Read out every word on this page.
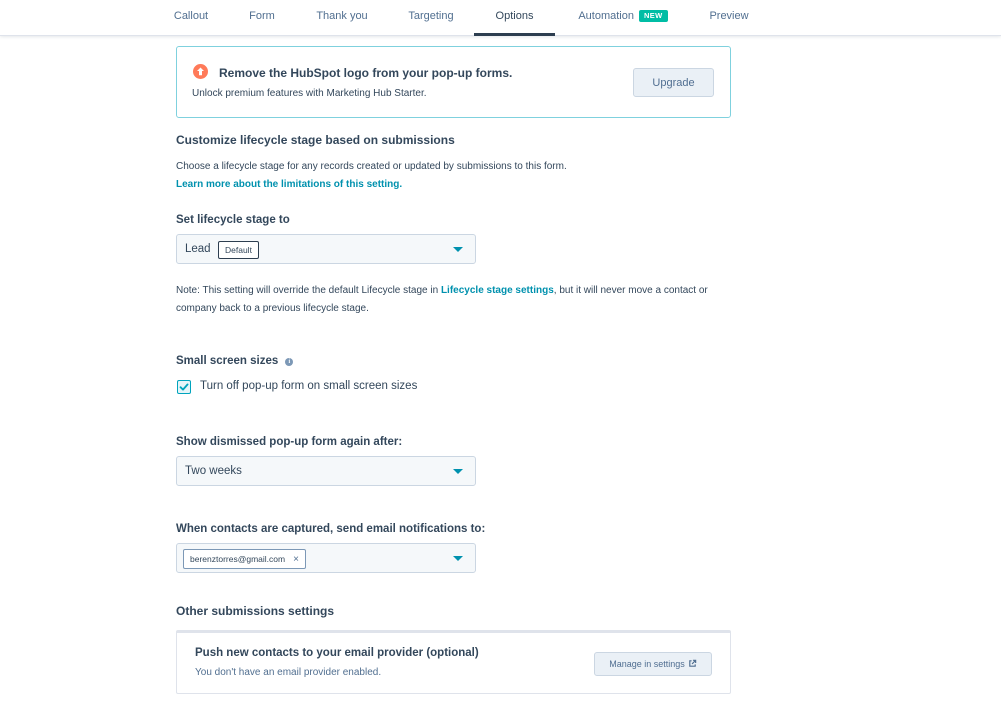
Callout	Form	Thank you	Targeting	Options	Automation NEW	Preview
Remove the HubSpot logo from your pop-up forms.
Unlock premium features with Marketing Hub Starter.
Upgrade
Customize lifecycle stage based on submissions
Choose a lifecycle stage for any records created or updated by submissions to this form.
Learn more about the limitations of this setting.
Set lifecycle stage to
Lead	Default
Note: This setting will override the default Lifecycle stage in Lifecycle stage settings, but it will never move a contact or company back to a previous lifecycle stage.
Small screen sizes i
Turn off pop-up form on small screen sizes
Show dismissed pop-up form again after:
Two weeks
When contacts are captured, send email notifications to:
berenztorres@gmail.com ×
Other submissions settings
Push new contacts to your email provider (optional)
You don't have an email provider enabled.
Manage in settings
